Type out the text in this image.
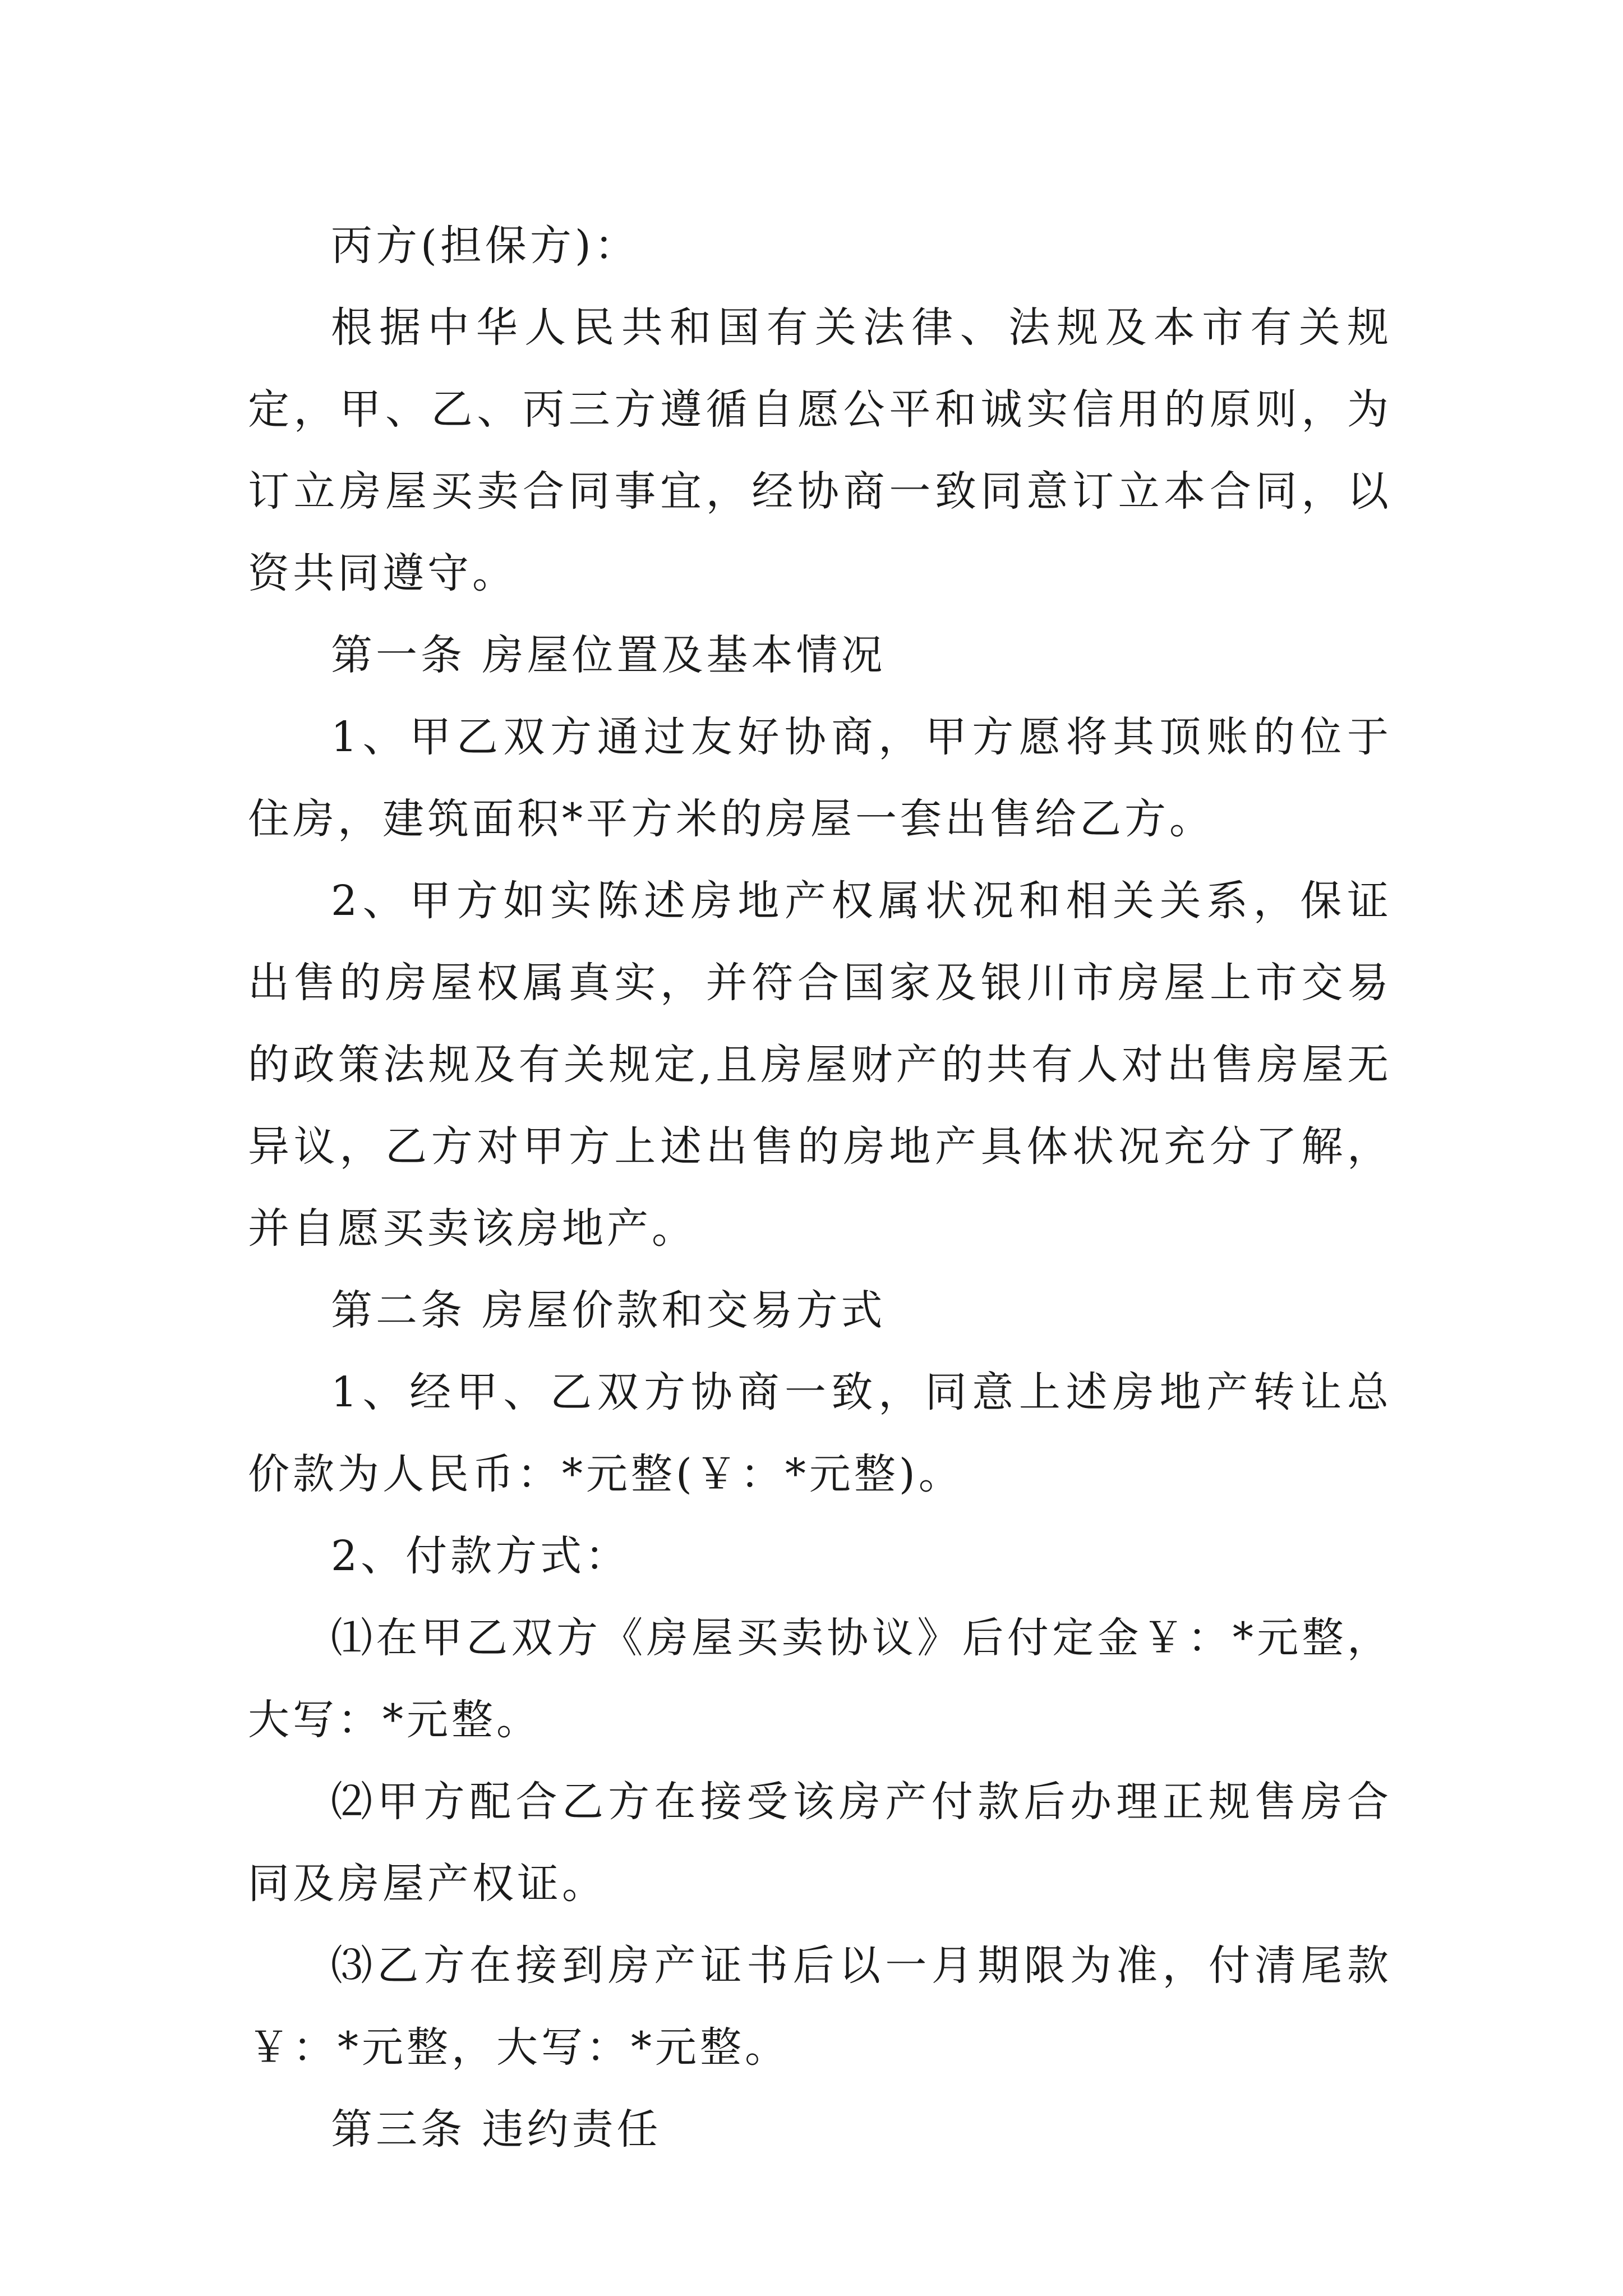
丙方(担保方)：

根据中华人民共和国有关法律、法规及本市有关规定，甲、乙、丙三方遵循自愿公平和诚实信用的原则，为订立房屋买卖合同事宜，经协商一致同意订立本合同，以资共同遵守。

第一条 房屋位置及基本情况

1、甲乙双方通过友好协商，甲方愿将其顶账的位于住房，建筑面积*平方米的房屋一套出售给乙方。

2、甲方如实陈述房地产权属状况和相关关系，保证出售的房屋权属真实，并符合国家及银川市房屋上市交易的政策法规及有关规定,且房屋财产的共有人对出售房屋无异议，乙方对甲方上述出售的房地产具体状况充分了解，并自愿买卖该房地产。

第二条 房屋价款和交易方式

1、经甲、乙双方协商一致，同意上述房地产转让总价款为人民币：*元整(￥：*元整)。

2、付款方式：

⑴在甲乙双方《房屋买卖协议》后付定金￥：*元整，大写：*元整。

⑵甲方配合乙方在接受该房产付款后办理正规售房合同及房屋产权证。

⑶乙方在接到房产证书后以一月期限为准，付清尾款￥：*元整，大写：*元整。

第三条 违约责任
